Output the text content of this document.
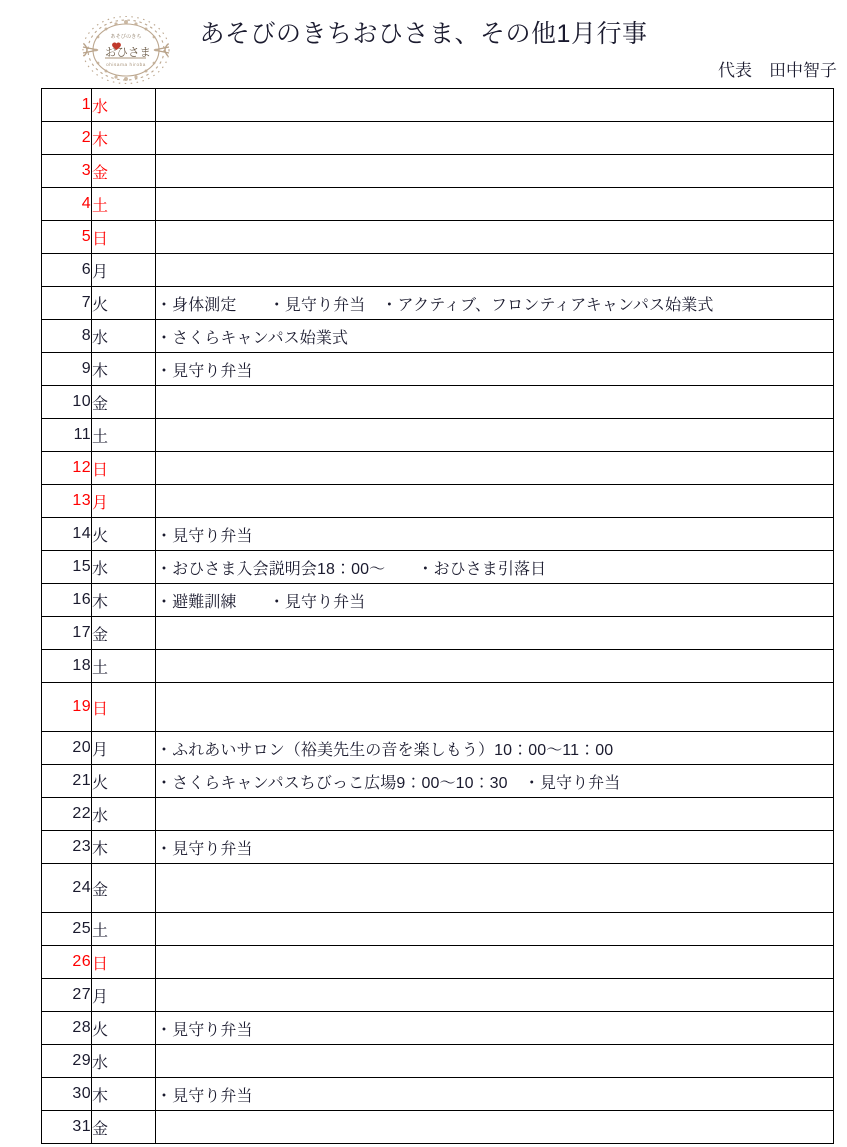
あそびのきち
おひさま
ohisama hiroba
あそびのきちおひさま、その他1月行事
代表　田中智子
1	水	
2	木	
3	金	
4	土	
5	日	
6	月	
7	火	・身体測定　　・見守り弁当　・アクティブ、フロンティアキャンパス始業式
8	水	・さくらキャンパス始業式
9	木	・見守り弁当
10	金	
11	土	
12	日	
13	月	
14	火	・見守り弁当
15	水	・おひさま入会説明会18：00〜　　・おひさま引落日
16	木	・避難訓練　　・見守り弁当
17	金	
18	土	
19	日	
20	月	・ふれあいサロン（裕美先生の音を楽しもう）10：00〜11：00
21	火	・さくらキャンパスちびっこ広場9：00〜10：30　・見守り弁当
22	水	
23	木	・見守り弁当
24	金	
25	土	
26	日	
27	月	
28	火	・見守り弁当
29	水	
30	木	・見守り弁当
31	金	
